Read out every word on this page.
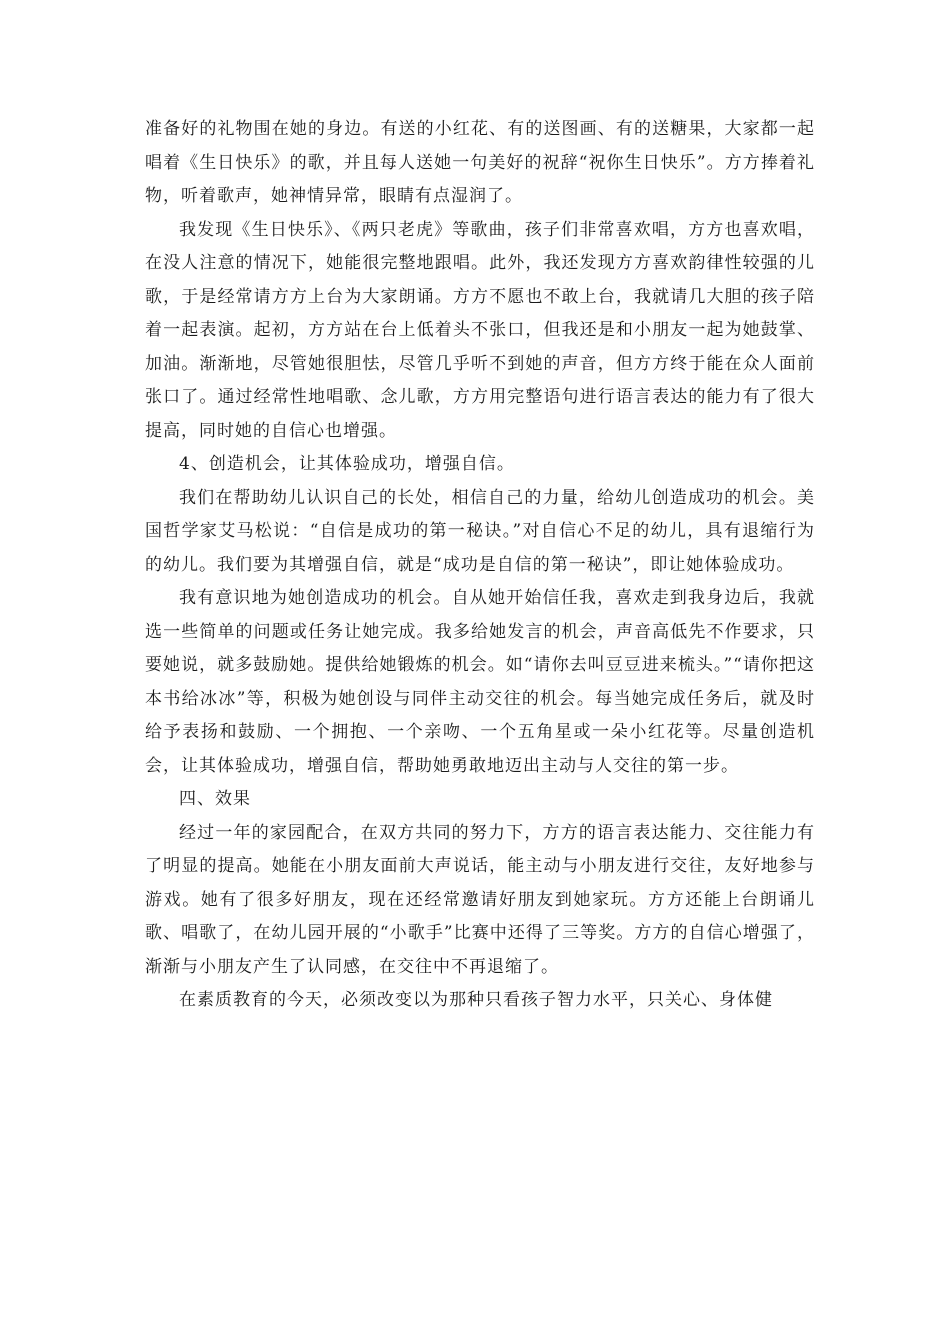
准备好的礼物围在她的身边。有送的小红花、有的送图画、有的送糖果，大家都一起唱着《生日快乐》的歌，并且每人送她一句美好的祝辞“祝你生日快乐”。方方捧着礼物，听着歌声，她神情异常，眼睛有点湿润了。

我发现《生日快乐》、《两只老虎》等歌曲，孩子们非常喜欢唱，方方也喜欢唱，在没人注意的情况下，她能很完整地跟唱。此外，我还发现方方喜欢韵律性较强的儿歌，于是经常请方方上台为大家朗诵。方方不愿也不敢上台，我就请几大胆的孩子陪着一起表演。起初，方方站在台上低着头不张口，但我还是和小朋友一起为她鼓掌、加油。渐渐地，尽管她很胆怯，尽管几乎听不到她的声音，但方方终于能在众人面前张口了。通过经常性地唱歌、念儿歌，方方用完整语句进行语言表达的能力有了很大提高，同时她的自信心也增强。

4、创造机会，让其体验成功，增强自信。

我们在帮助幼儿认识自己的长处，相信自己的力量，给幼儿创造成功的机会。美国哲学家艾马松说：“自信是成功的第一秘诀。”对自信心不足的幼儿，具有退缩行为的幼儿。我们要为其增强自信，就是“成功是自信的第一秘诀”，即让她体验成功。

我有意识地为她创造成功的机会。自从她开始信任我，喜欢走到我身边后，我就选一些简单的问题或任务让她完成。我多给她发言的机会，声音高低先不作要求，只要她说，就多鼓励她。提供给她锻炼的机会。如“请你去叫豆豆进来梳头。”“请你把这本书给冰冰”等，积极为她创设与同伴主动交往的机会。每当她完成任务后，就及时给予表扬和鼓励、一个拥抱、一个亲吻、一个五角星或一朵小红花等。尽量创造机会，让其体验成功，增强自信，帮助她勇敢地迈出主动与人交往的第一步。

四、效果

经过一年的家园配合，在双方共同的努力下，方方的语言表达能力、交往能力有了明显的提高。她能在小朋友面前大声说话，能主动与小朋友进行交往，友好地参与游戏。她有了很多好朋友，现在还经常邀请好朋友到她家玩。方方还能上台朗诵儿歌、唱歌了，在幼儿园开展的“小歌手”比赛中还得了三等奖。方方的自信心增强了，渐渐与小朋友产生了认同感，在交往中不再退缩了。

在素质教育的今天，必须改变以为那种只看孩子智力水平，只关心、身体健
